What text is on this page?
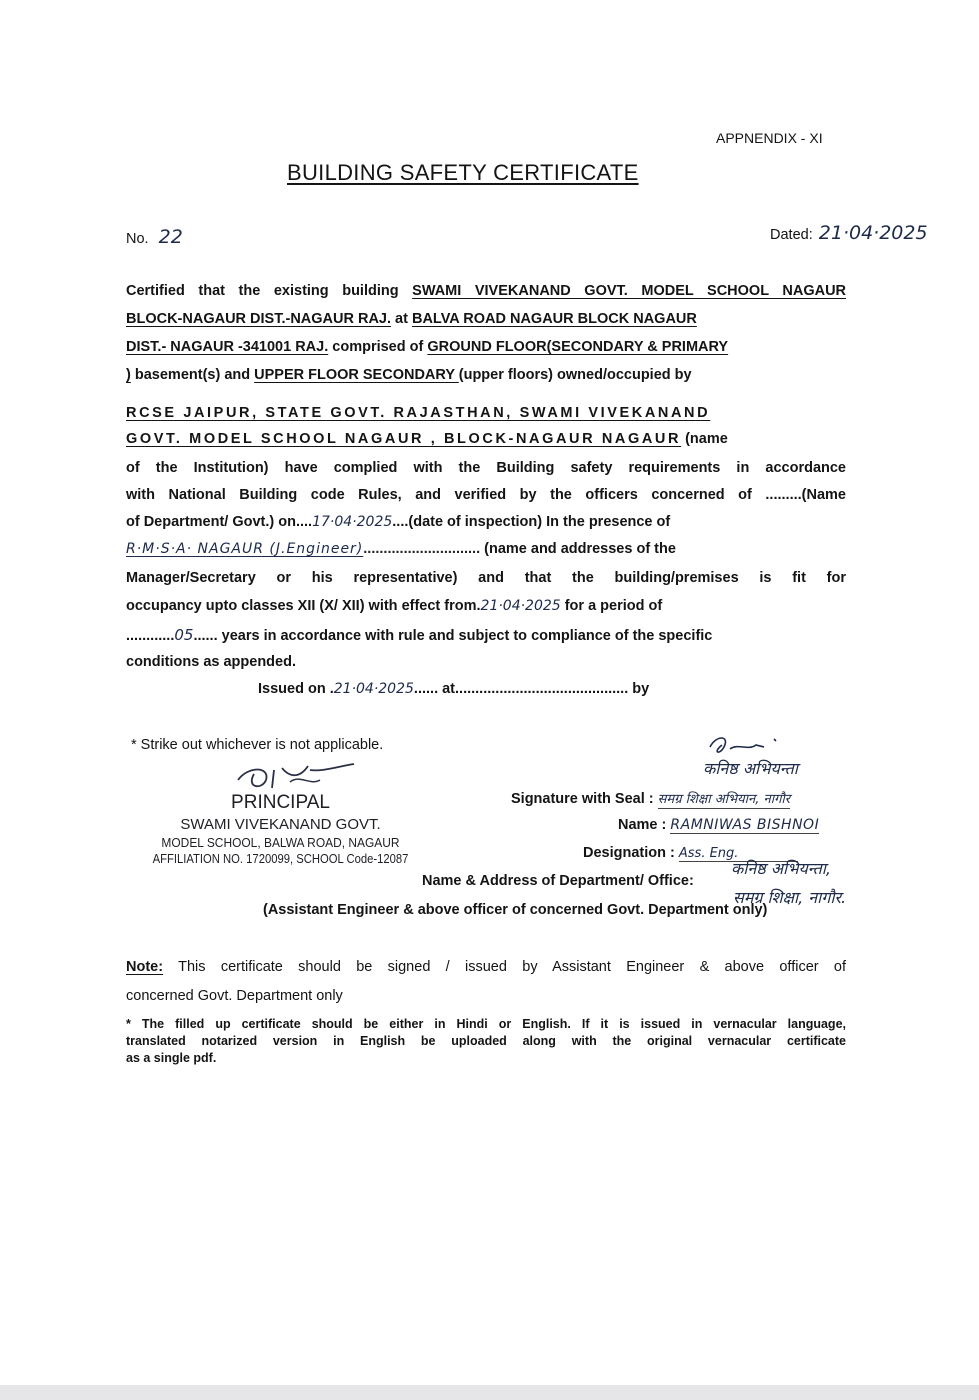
APPNENDIX - XI
BUILDING SAFETY CERTIFICATE
No. 22	Dated: 21·04·2025
Certified that the existing building SWAMI VIVEKANAND GOVT. MODEL SCHOOL NAGAUR
BLOCK-NAGAUR DIST.-NAGAUR RAJ. at BALVA ROAD NAGAUR BLOCK NAGAUR
DIST.- NAGAUR -341001 RAJ. comprised of GROUND FLOOR(SECONDARY & PRIMARY
) basement(s) and UPPER FLOOR SECONDARY (upper floors) owned/occupied by
RCSE JAIPUR, STATE GOVT. RAJASTHAN, SWAMI VIVEKANAND
GOVT. MODEL SCHOOL NAGAUR , BLOCK-NAGAUR NAGAUR (name
of the Institution) have complied with the Building safety requirements in accordance
with National Building code Rules, and verified by the officers concerned of .........(Name
of Department/ Govt.) on....17·04·2025....(date of inspection) In the presence of
R·M·S·A· NAGAUR (J.Engineer)............................. (name and addresses of the
Manager/Secretary or his representative) and that the building/premises is fit for
occupancy upto classes XII (X/ XII) with effect from.21·04·2025 for a period of
............05...... years in accordance with rule and subject to compliance of the specific
conditions as appended.
Issued on .21·04·2025...... at........................................... by
* Strike out whichever is not applicable.
PRINCIPAL
SWAMI VIVEKANAND GOVT.
MODEL SCHOOL, BALWA ROAD, NAGAUR
AFFILIATION NO. 1720099, SCHOOL Code-12087
कनिष्ठ अभियन्ता
Signature with Seal : समग्र शिक्षा अभियान, नागौर
Name : RAMNIWAS BISHNOI
Designation : Ass. Eng.
कनिष्ठ अभियन्ता,
Name & Address of Department/ Office:
समग्र शिक्षा, नागौर.
(Assistant Engineer & above officer of concerned Govt. Department only)
Note: This certificate should be signed / issued by Assistant Engineer & above officer of
concerned Govt. Department only
* The filled up certificate should be either in Hindi or English. If it is issued in vernacular language,
translated notarized version in English be uploaded along with the original vernacular certificate
as a single pdf.
